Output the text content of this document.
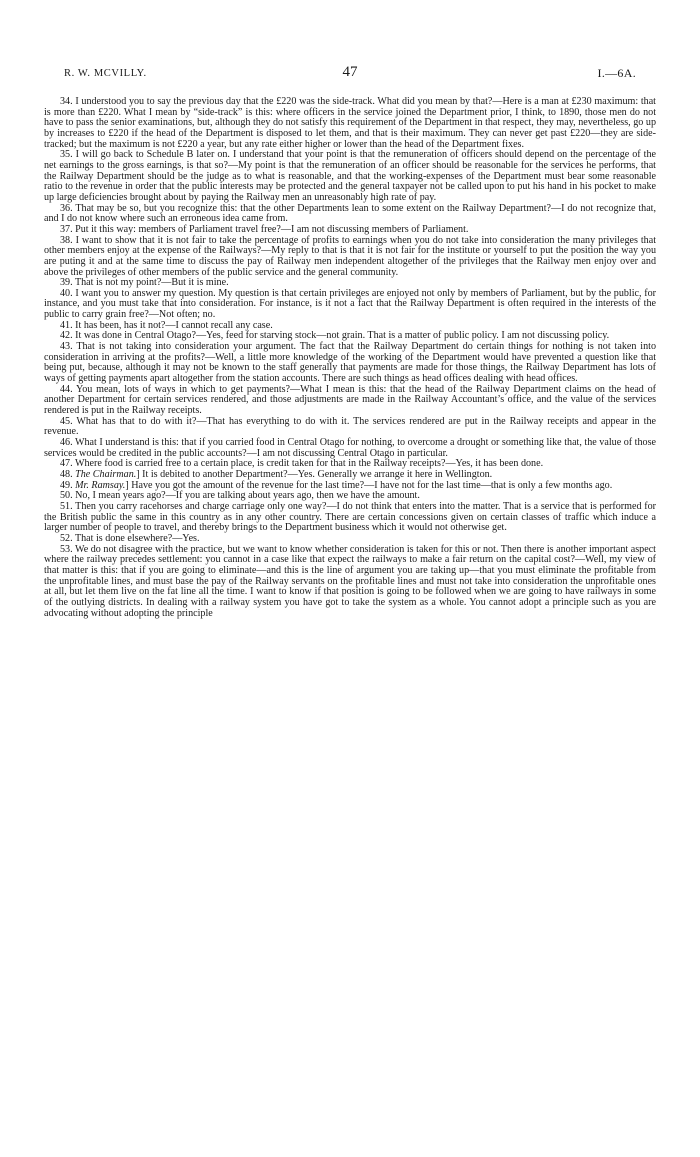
R. W. MCVILLY.	47	I.—6A.

34. I understood you to say the previous day that the £220 was the side-track. What did you mean by that?—Here is a man at £230 maximum: that is more than £220. What I mean by “side-track” is this: where officers in the service joined the Department prior, I think, to 1890, those men do not have to pass the senior examinations, but, although they do not satisfy this requirement of the Department in that respect, they may, nevertheless, go up by increases to £220 if the head of the Department is disposed to let them, and that is their maximum. They can never get past £220—they are side-tracked; but the maximum is not £220 a year, but any rate either higher or lower than the head of the Department fixes.

35. I will go back to Schedule B later on. I understand that your point is that the remuneration of officers should depend on the percentage of the net earnings to the gross earnings, is that so?—My point is that the remuneration of an officer should be reasonable for the services he performs, that the Railway Department should be the judge as to what is reasonable, and that the working-expenses of the Department must bear some reasonable ratio to the revenue in order that the public interests may be protected and the general taxpayer not be called upon to put his hand in his pocket to make up large deficiencies brought about by paying the Railway men an unreasonably high rate of pay.

36. That may be so, but you recognize this: that the other Departments lean to some extent on the Railway Department?—I do not recognize that, and I do not know where such an erroneous idea came from.

37. Put it this way: members of Parliament travel free?—I am not discussing members of Parliament.

38. I want to show that it is not fair to take the percentage of profits to earnings when you do not take into consideration the many privileges that other members enjoy at the expense of the Railways?—My reply to that is that it is not fair for the institute or yourself to put the position the way you are puting it and at the same time to discuss the pay of Railway men independent altogether of the privileges that the Railway men enjoy over and above the privileges of other members of the public service and the general community.

39. That is not my point?—But it is mine.

40. I want you to answer my question. My question is that certain privileges are enjoyed not only by members of Parliament, but by the public, for instance, and you must take that into consideration. For instance, is it not a fact that the Railway Department is often required in the interests of the public to carry grain free?—Not often; no.

41. It has been, has it not?—I cannot recall any case.

42. It was done in Central Otago?—Yes, feed for starving stock—not grain. That is a matter of public policy. I am not discussing policy.

43. That is not taking into consideration your argument. The fact that the Railway Department do certain things for nothing is not taken into consideration in arriving at the profits?—Well, a little more knowledge of the working of the Department would have prevented a question like that being put, because, although it may not be known to the staff generally that payments are made for those things, the Railway Department has lots of ways of getting payments apart altogether from the station accounts. There are such things as head offices dealing with head offices.

44. You mean, lots of ways in which to get payments?—What I mean is this: that the head of the Railway Department claims on the head of another Department for certain services rendered, and those adjustments are made in the Railway Accountant’s office, and the value of the services rendered is put in the Railway receipts.

45. What has that to do with it?—That has everything to do with it. The services rendered are put in the Railway receipts and appear in the revenue.

46. What I understand is this: that if you carried food in Central Otago for nothing, to overcome a drought or something like that, the value of those services would be credited in the public accounts?—I am not discussing Central Otago in particular.

47. Where food is carried free to a certain place, is credit taken for that in the Railway receipts?—Yes, it has been done.

48. The Chairman.] It is debited to another Department?—Yes. Generally we arrange it here in Wellington.

49. Mr. Ramsay.] Have you got the amount of the revenue for the last time?—I have not for the last time—that is only a few months ago.

50. No, I mean years ago?—If you are talking about years ago, then we have the amount.

51. Then you carry racehorses and charge carriage only one way?—I do not think that enters into the matter. That is a service that is performed for the British public the same in this country as in any other country. There are certain concessions given on certain classes of traffic which induce a larger number of people to travel, and thereby brings to the Department business which it would not otherwise get.

52. That is done elsewhere?—Yes.

53. We do not disagree with the practice, but we want to know whether consideration is taken for this or not. Then there is another important aspect where the railway precedes settlement: you cannot in a case like that expect the railways to make a fair return on the capital cost?—Well, my view of that matter is this: that if you are going to eliminate—and this is the line of argument you are taking up—that you must eliminate the profitable from the unprofitable lines, and must base the pay of the Railway servants on the profitable lines and must not take into consideration the unprofitable ones at all, but let them live on the fat line all the time. I want to know if that position is going to be followed when we are going to have railways in some of the outlying districts. In dealing with a railway system you have got to take the system as a whole. You cannot adopt a principle such as you are advocating without adopting the principle
